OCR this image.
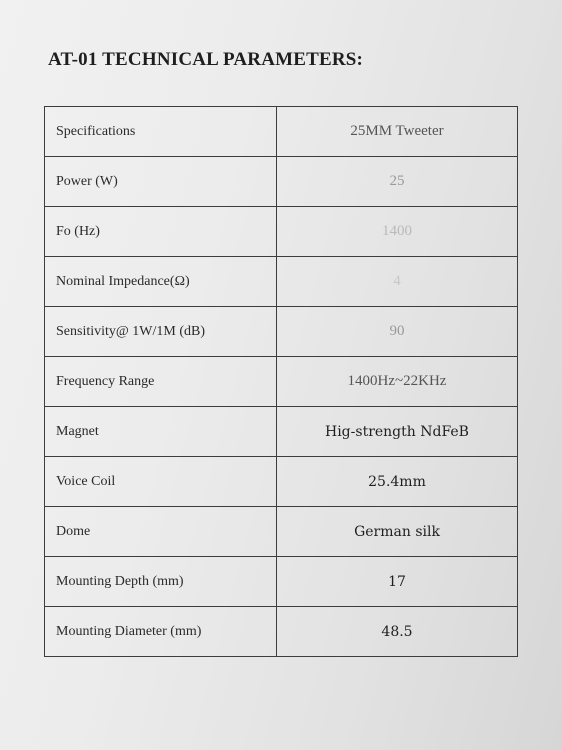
AT-01 TECHNICAL PARAMETERS:
Specifications	25MM Tweeter
Power (W)	25
Fo (Hz)	1400
Nominal Impedance(Ω)	4
Sensitivity@ 1W/1M (dB)	90
Frequency Range	1400Hz~22KHz
Magnet	Hig-strength NdFeB
Voice Coil	25.4mm
Dome	German silk
Mounting Depth (mm)	17
Mounting Diameter (mm)	48.5
